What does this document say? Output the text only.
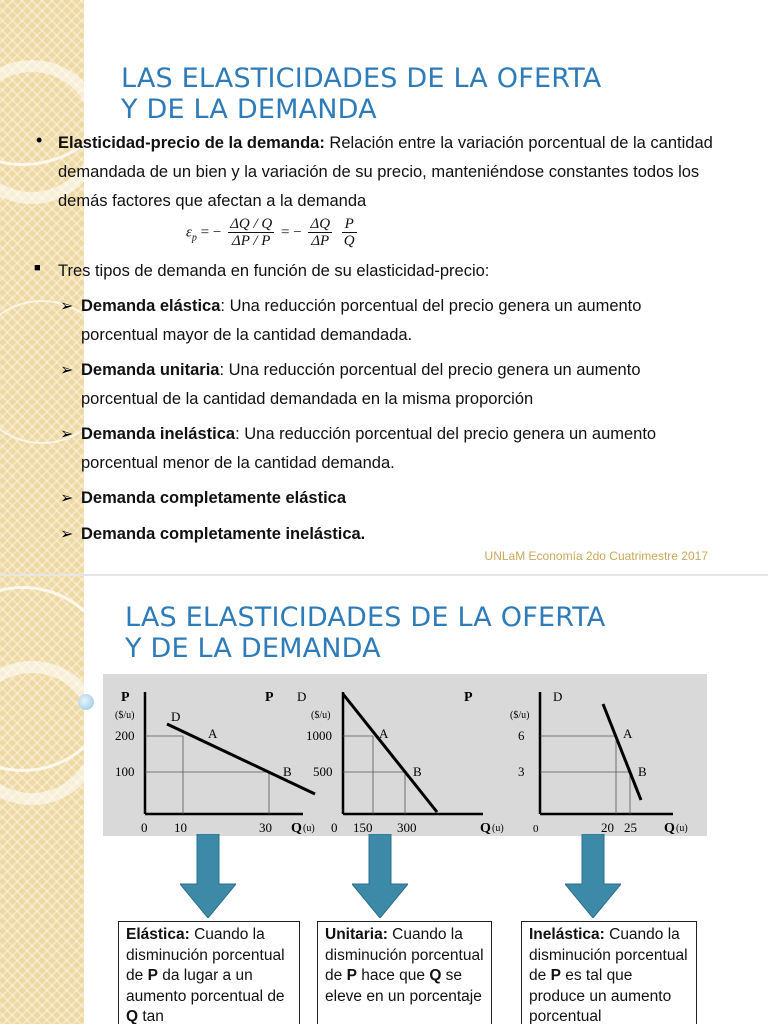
LAS ELASTICIDADES DE LA OFERTA
Y DE LA DEMANDA
• Elasticidad-precio de la demanda: Relación entre la variación porcentual de la cantidad demandada de un bien y la variación de su precio, manteniéndose constantes todos los demás factores que afectan a la demanda
$\varepsilon_p$ = − $\frac{\Delta Q / Q}{\Delta P / P}$ = − $\frac{\Delta Q}{\Delta P}$
$\frac{P}{Q}$
■ Tres tipos de demanda en función de su elasticidad-precio:
➢ Demanda elástica: Una reducción porcentual del precio genera un aumento porcentual mayor de la cantidad demandada.
➢ Demanda unitaria: Una reducción porcentual del precio genera un aumento porcentual de la cantidad demandada en la misma proporción
➢ Demanda inelástica: Una reducción porcentual del precio genera un aumento porcentual menor de la cantidad demanda.
➢ Demanda completamente elástica
➢ Demanda completamente inelástica.
UNLaM Economía 2do Cuatrimestre 2017
LAS ELASTICIDADES DE LA OFERTA
Y DE LA DEMANDA
P
($/u)	D
200
100
A
B
0 10	30 Q (u)
P
($/u)
D
1000
500
A
B
0 150 300	Q (u)
P
($/u)
D
6
3
A
B
0	20 25 Q (u)
Elástica: Cuando la disminución porcentual de P da lugar a un aumento porcentual de Q tan
Unitaria: Cuando la disminución porcentual de P hace que Q se eleve en un porcentaje
Inelástica: Cuando la disminución porcentual de P es tal que produce un aumento porcentual
